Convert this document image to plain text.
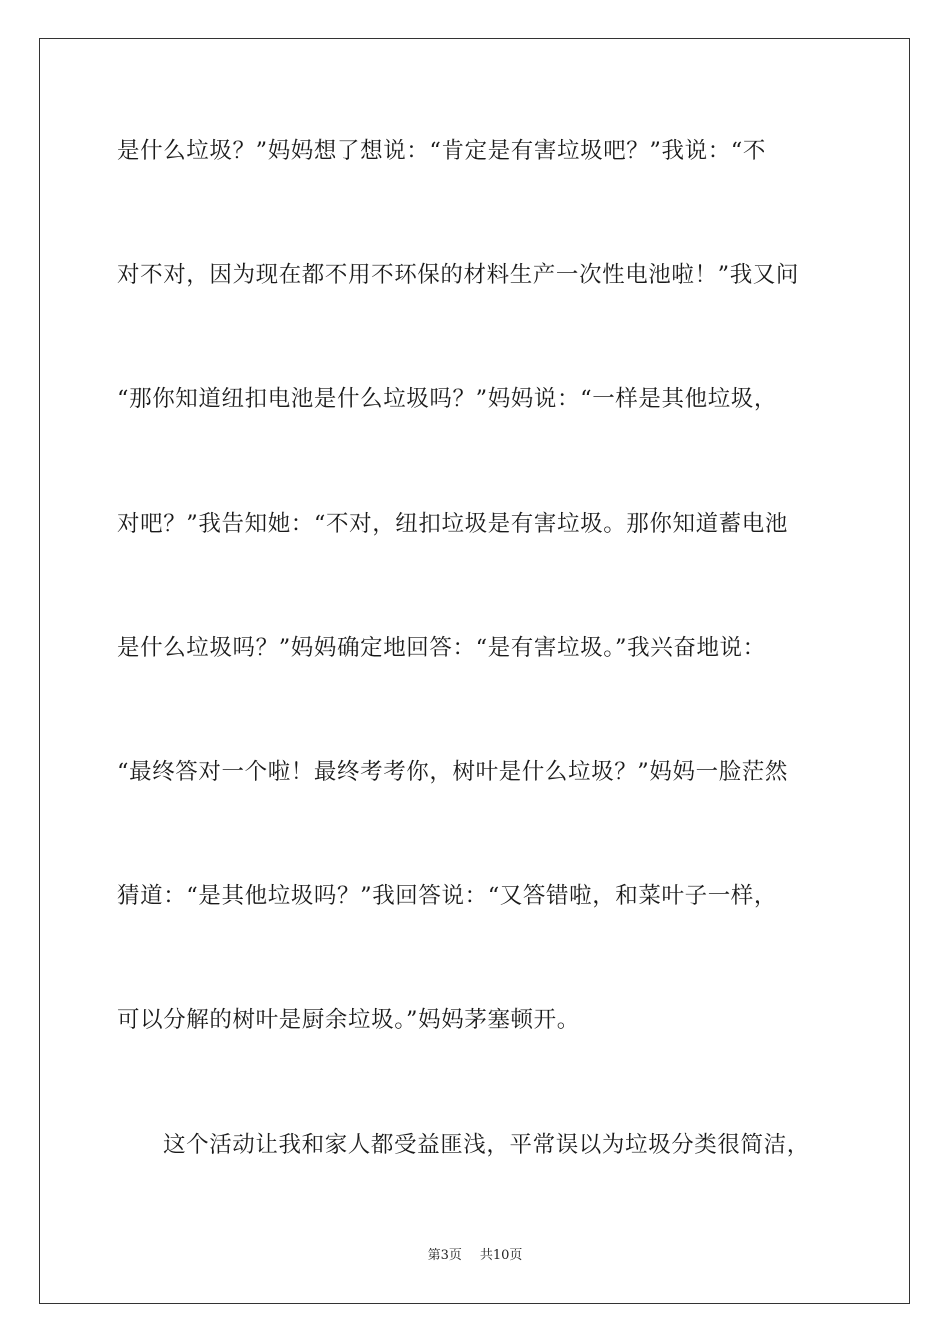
是什么垃圾？”妈妈想了想说：“肯定是有害垃圾吧？”我说：“不
对不对，因为现在都不用不环保的材料生产一次性电池啦！”我又问
“那你知道纽扣电池是什么垃圾吗？”妈妈说：“一样是其他垃圾，
对吧？”我告知她：“不对，纽扣垃圾是有害垃圾。那你知道蓄电池
是什么垃圾吗？”妈妈确定地回答：“是有害垃圾。”我兴奋地说：
“最终答对一个啦！最终考考你，树叶是什么垃圾？”妈妈一脸茫然
猜道：“是其他垃圾吗？”我回答说：“又答错啦，和菜叶子一样，
可以分解的树叶是厨余垃圾。”妈妈茅塞顿开。
这个活动让我和家人都受益匪浅，平常误以为垃圾分类很简洁，
第3页 共10页
